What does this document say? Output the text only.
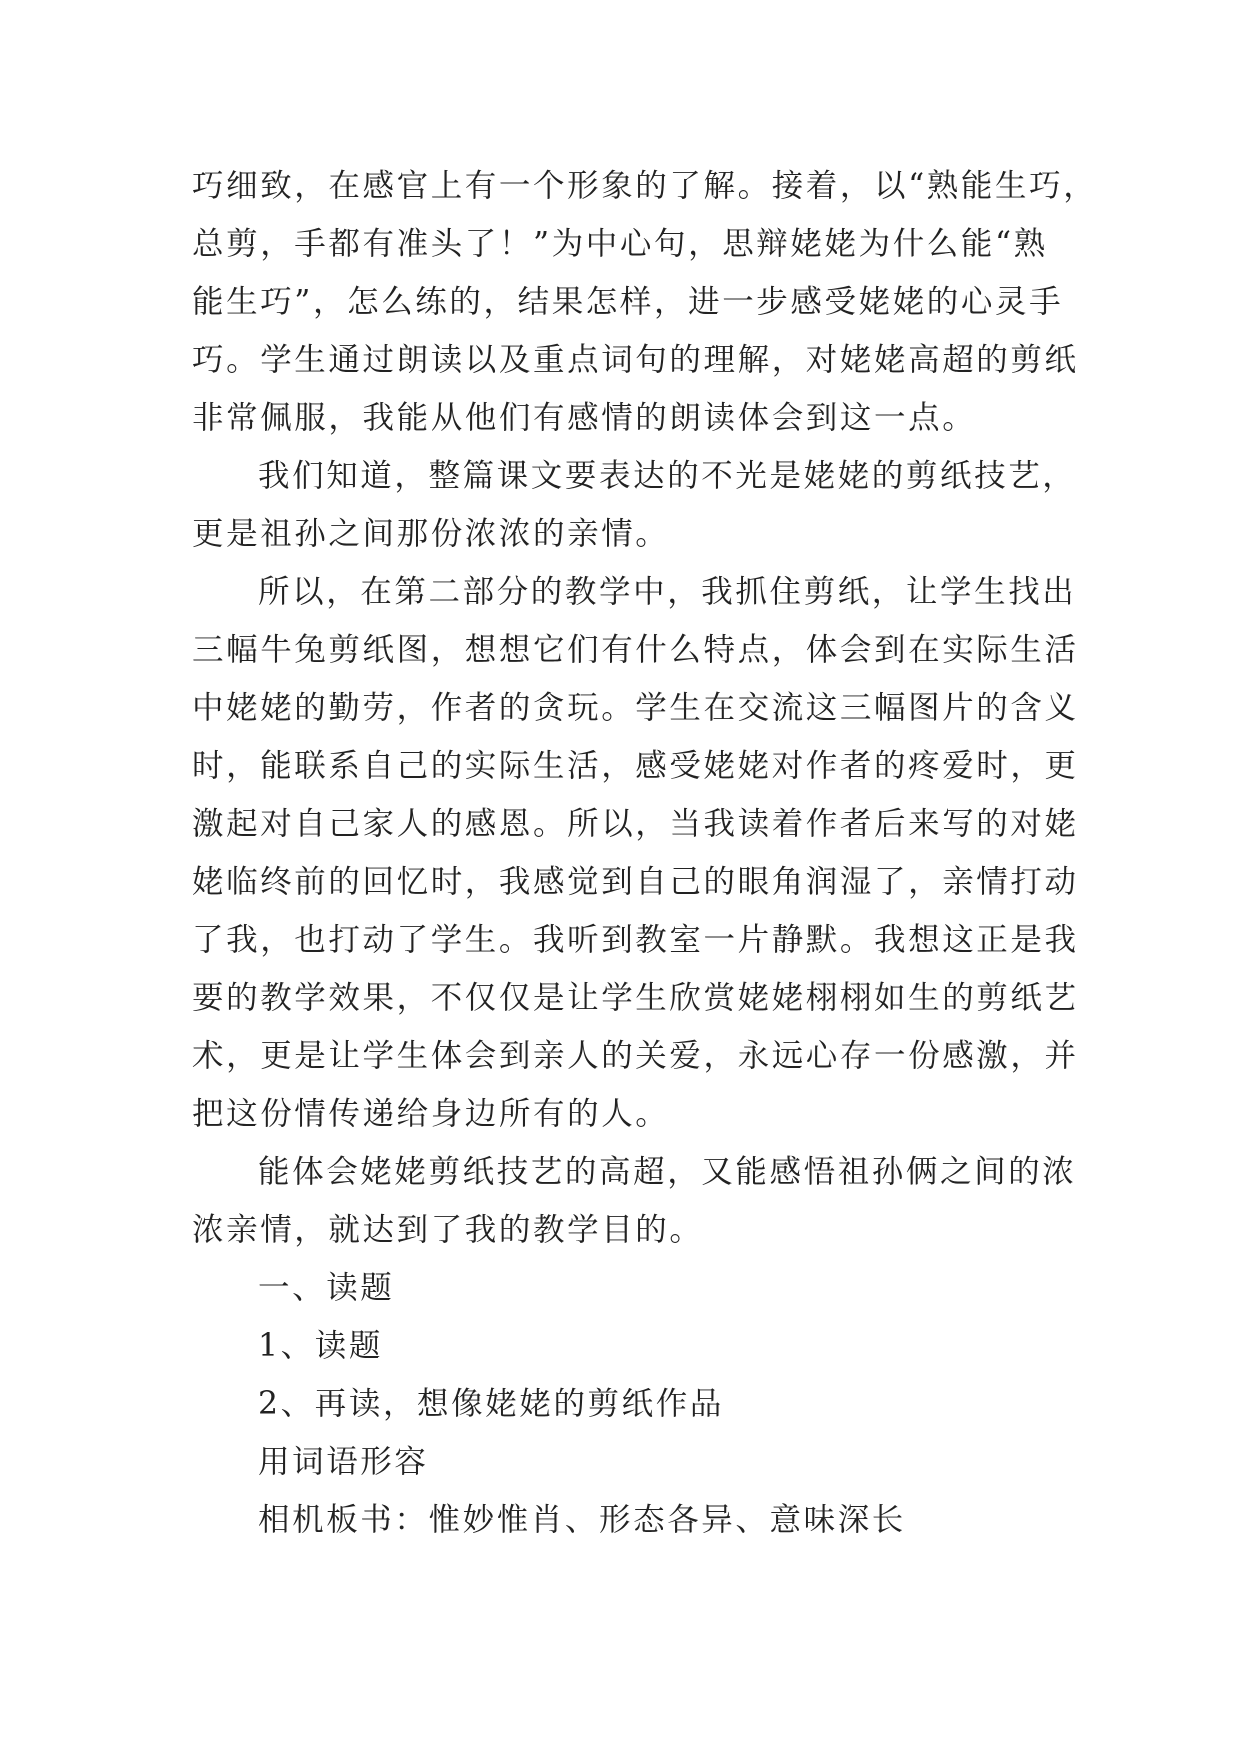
巧细致，在感官上有一个形象的了解。接着，以“熟能生巧，
总剪，手都有准头了！”为中心句，思辩姥姥为什么能“熟
能生巧”，怎么练的，结果怎样，进一步感受姥姥的心灵手
巧。学生通过朗读以及重点词句的理解，对姥姥高超的剪纸
非常佩服，我能从他们有感情的朗读体会到这一点。
我们知道，整篇课文要表达的不光是姥姥的剪纸技艺，
更是祖孙之间那份浓浓的亲情。
所以，在第二部分的教学中，我抓住剪纸，让学生找出
三幅牛兔剪纸图，想想它们有什么特点，体会到在实际生活
中姥姥的勤劳，作者的贪玩。学生在交流这三幅图片的含义
时，能联系自己的实际生活，感受姥姥对作者的疼爱时，更
激起对自己家人的感恩。所以，当我读着作者后来写的对姥
姥临终前的回忆时，我感觉到自己的眼角润湿了，亲情打动
了我，也打动了学生。我听到教室一片静默。我想这正是我
要的教学效果，不仅仅是让学生欣赏姥姥栩栩如生的剪纸艺
术，更是让学生体会到亲人的关爱，永远心存一份感激，并
把这份情传递给身边所有的人。
能体会姥姥剪纸技艺的高超，又能感悟祖孙俩之间的浓
浓亲情，就达到了我的教学目的。
一、读题
1、读题
2、再读，想像姥姥的剪纸作品
用词语形容
相机板书：惟妙惟肖、形态各异、意味深长
